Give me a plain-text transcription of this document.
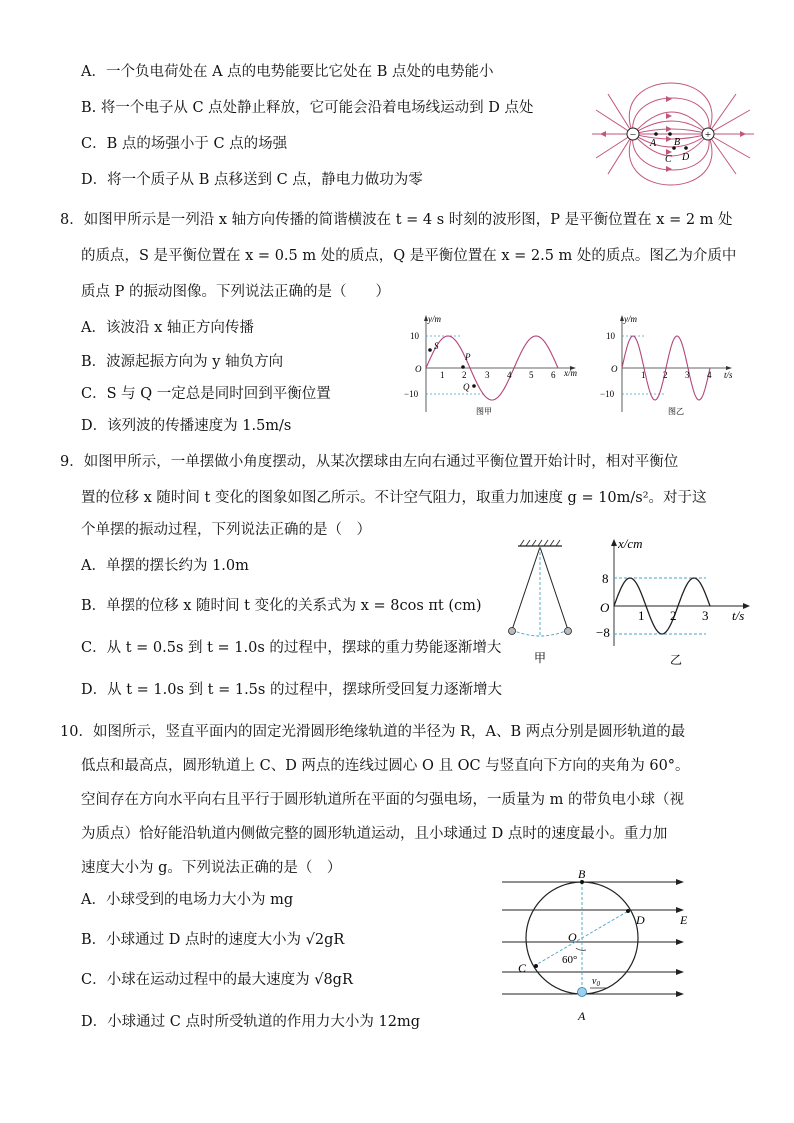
A．一个负电荷处在 A 点的电势能要比它处在 B 点处的电势能小
B. 将一个电子从 C 点处静止释放，它可能会沿着电场线运动到 D 点处
C．B 点的场强小于 C 点的场强
D．将一个质子从 B 点移送到 C 点，静电力做功为零
−	+
A B
C D
8．如图甲所示是一列沿 x 轴方向传播的简谐横波在 t = 4 s 时刻的波形图，P 是平衡位置在 x = 2 m 处
的质点，S 是平衡位置在 x = 0.5 m 处的质点，Q 是平衡位置在 x = 2.5 m 处的质点。图乙为介质中
质点 P 的振动图像。下列说法正确的是（　　）
A．该波沿 x 轴正方向传播
B．波源起振方向为 y 轴负方向
C．S 与 Q 一定总是同时回到平衡位置
D．该列波的传播速度为 1.5m/s
y/m
x/m
O
10
−10
1 2 3 4 5 6
S
P
Q
图甲
y/m
t/s
O
10
−10
1 2 3 4
图乙
9．如图甲所示，一单摆做小角度摆动，从某次摆球由左向右通过平衡位置开始计时，相对平衡位
置的位移 x 随时间 t 变化的图象如图乙所示。不计空气阻力，取重力加速度 g = 10m/s²。对于这
个单摆的振动过程，下列说法正确的是（　）
A．单摆的摆长约为 1.0m
B．单摆的位移 x 随时间 t 变化的关系式为 x = 8cos πt (cm)
C．从 t = 0.5s 到 t = 1.0s 的过程中，摆球的重力势能逐渐增大
D．从 t = 1.0s 到 t = 1.5s 的过程中，摆球所受回复力逐渐增大
甲
x/cm
t/s
O
8
−8
1 2 3
乙
10．如图所示，竖直平面内的固定光滑圆形绝缘轨道的半径为 R，A、B 两点分别是圆形轨道的最
低点和最高点，圆形轨道上 C、D 两点的连线过圆心 O 且 OC 与竖直向下方向的夹角为 60°。
空间存在方向水平向右且平行于圆形轨道所在平面的匀强电场，一质量为 m 的带负电小球（视
为质点）恰好能沿轨道内侧做完整的圆形轨道运动，且小球通过 D 点时的速度最小。重力加
速度大小为 g。下列说法正确的是（　）
A．小球受到的电场力大小为 mg
B．小球通过 D 点时的速度大小为 √2gR
C．小球在运动过程中的最大速度为 √8gR
D．小球通过 C 点时所受轨道的作用力大小为 12mg
B
D	E
O
60°
C
$v_0$
A
